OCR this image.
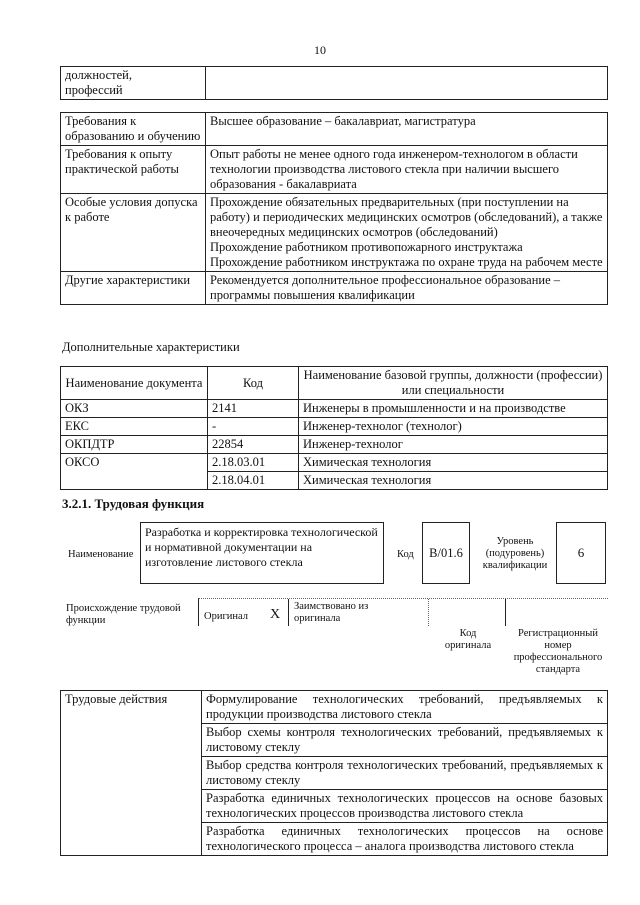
10
должностей,
профессий	
Требования к образованию и обучению	Высшее образование – бакалавриат, магистратура
Требования к опыту практической работы	Опыт работы не менее одного года инженером-технологом в области технологии производства листового стекла при наличии высшего образования - бакалавриата
Особые условия допуска к работе	Прохождение обязательных предварительных (при поступлении на работу) и периодических медицинских осмотров (обследований), а также внеочередных медицинских осмотров (обследований)
Прохождение работником противопожарного инструктажа
Прохождение работником инструктажа по охране труда на рабочем месте
Другие характеристики	Рекомендуется дополнительное профессиональное образование – программы повышения квалификации
Дополнительные характеристики
Наименование документа	Код	Наименование базовой группы, должности (профессии) или специальности
ОКЗ	2141	Инженеры в промышленности и на производстве
ЕКС	-	Инженер-технолог (технолог)
ОКПДТР	22854	Инженер-технолог
ОКСО	2.18.03.01	Химическая технология
	2.18.04.01	Химическая технология
3.2.1. Трудовая функция
Наименование
Разработка и корректировка технологической и нормативной документации на изготовление листового стекла
Код	B/01.6
Уровень (подуровень) квалификации
6
Происхождение трудовой функции	Оригинал X
Заимствовано из оригинала
Код оригинала
Регистрационный номер профессионального стандарта
Трудовые действия	Формулирование технологических требований, предъявляемых к продукции производства листового стекла

Выбор схемы контроля технологических требований, предъявляемых к листовому стеклу

Выбор средства контроля технологических требований, предъявляемых к листовому стеклу

Разработка единичных технологических процессов на основе базовых технологических процессов производства листового стекла

Разработка единичных технологических процессов на основе технологического процесса – аналога производства листового стекла
